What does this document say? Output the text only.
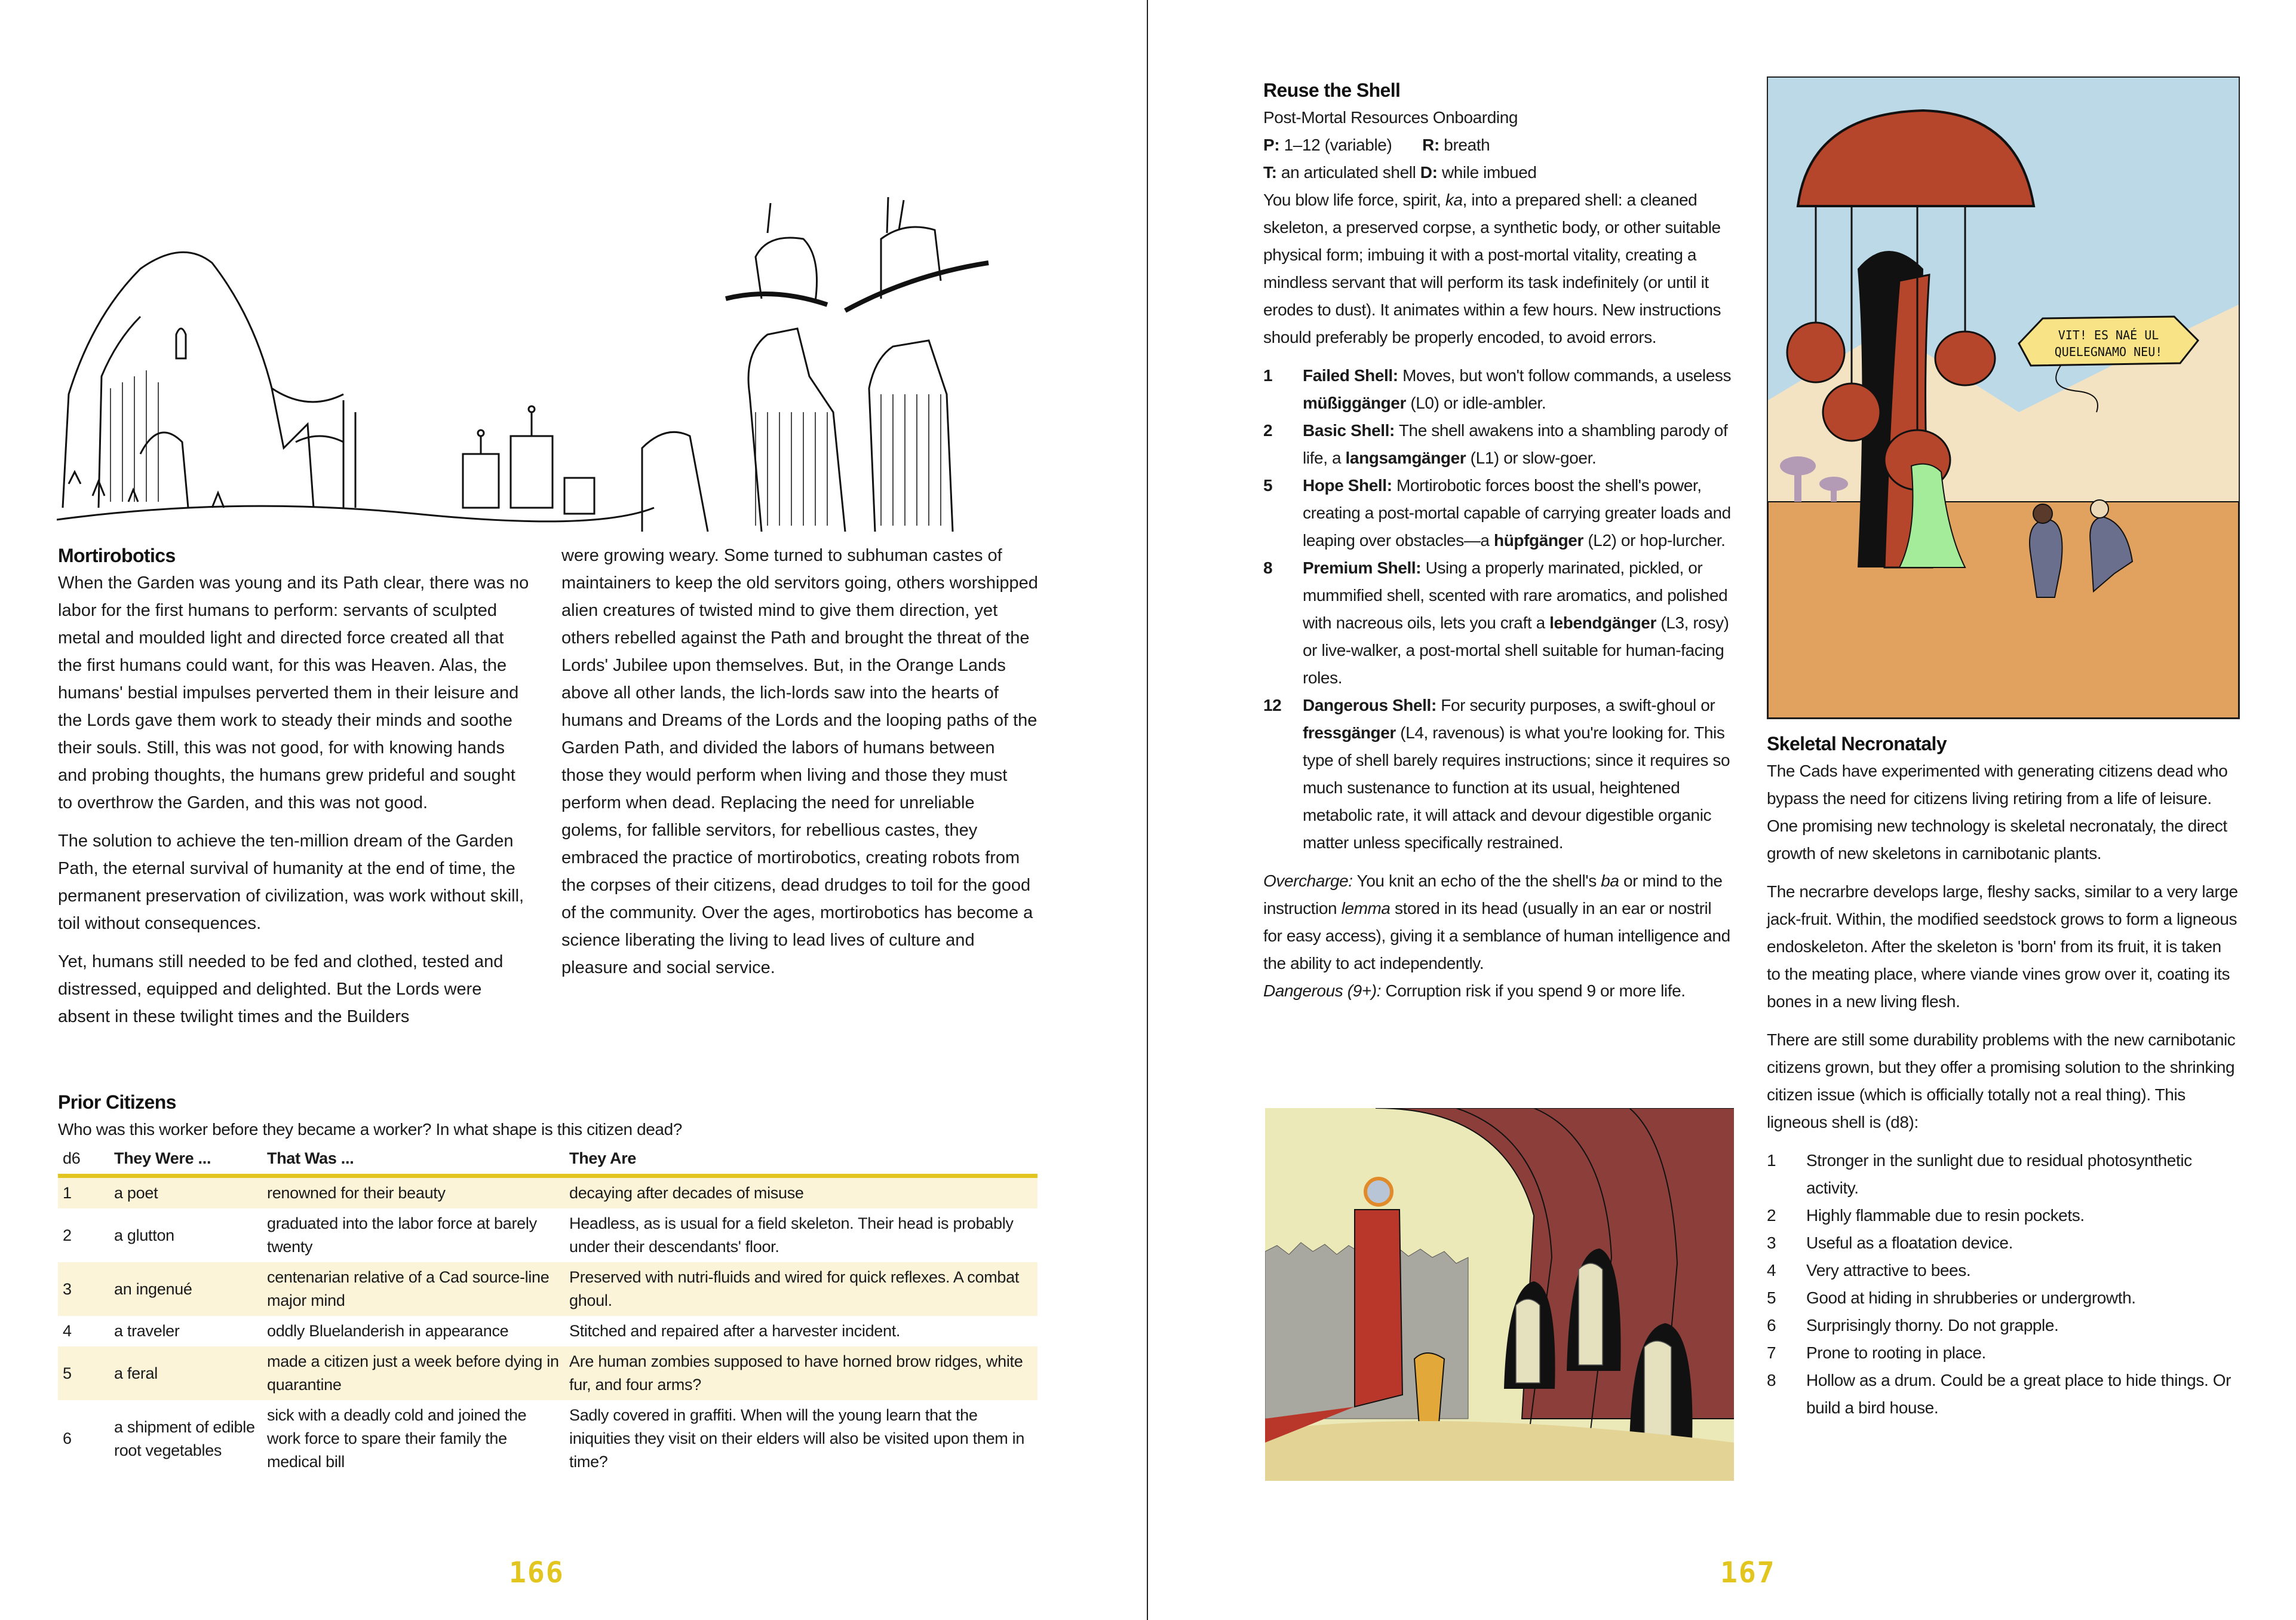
Mortirobotics

When the Garden was young and its Path clear, there was no labor for the first humans to perform: servants of sculpted metal and moulded light and directed force created all that the first humans could want, for this was Heaven. Alas, the humans' bestial impulses perverted them in their leisure and the Lords gave them work to steady their minds and soothe their souls. Still, this was not good, for with knowing hands and probing thoughts, the humans grew prideful and sought to overthrow the Garden, and this was not good.

The solution to achieve the ten-million dream of the Garden Path, the eternal survival of humanity at the end of time, the permanent preservation of civilization, was work without skill, toil without consequences.

Yet, humans still needed to be fed and clothed, tested and distressed, equipped and delighted. But the Lords were absent in these twilight times and the Builders

were growing weary. Some turned to subhuman castes of maintainers to keep the old servitors going, others worshipped alien creatures of twisted mind to give them direction, yet others rebelled against the Path and brought the threat of the Lords' Jubilee upon themselves. But, in the Orange Lands above all other lands, the lich-lords saw into the hearts of humans and Dreams of the Lords and the looping paths of the Garden Path, and divided the labors of humans between those they would perform when living and those they must perform when dead. Replacing the need for unreliable golems, for fallible servitors, for rebellious castes, they embraced the practice of mortirobotics, creating robots from the corpses of their citizens, dead drudges to toil for the good of the community. Over the ages, mortirobotics has become a science liberating the living to lead lives of culture and pleasure and social service.

Prior Citizens

Who was this worker before they became a worker? In what shape is this citizen dead?

d6	They Were ...	That Was ...	They Are
1	a poet	renowned for their beauty	decaying after decades of misuse
2	a glutton	graduated into the labor force at barely twenty	Headless, as is usual for a field skeleton. Their head is probably under their descendants' floor.
3	an ingenué	centenarian relative of a Cad source-line major mind	Preserved with nutri-fluids and wired for quick reflexes. A combat ghoul.
4	a traveler	oddly Bluelanderish in appearance	Stitched and repaired after a harvester incident.
5	a feral	made a citizen just a week before dying in quarantine	Are human zombies supposed to have horned brow ridges, white fur, and four arms?
6	a shipment of edible root vegetables	sick with a deadly cold and joined the work force to spare their family the medical bill	Sadly covered in graffiti. When will the young learn that the iniquities they visit on their elders will also be visited upon them in time?
166
Reuse the Shell

Post-Mortal Resources Onboarding

P: 1–12 (variable) R: breath

T: an articulated shell D: while imbued

You blow life force, spirit, ka, into a prepared shell: a cleaned skeleton, a preserved corpse, a synthetic body, or other suitable physical form; imbuing it with a post-mortal vitality, creating a mindless servant that will perform its task indefinitely (or until it erodes to dust). It animates within a few hours. New instructions should preferably be properly encoded, to avoid errors.

1	Failed Shell: Moves, but won't follow commands, a useless müßiggänger (L0) or idle-ambler.
2	Basic Shell: The shell awakens into a shambling parody of life, a langsamgänger (L1) or slow-goer.
5	Hope Shell: Mortirobotic forces boost the shell's power, creating a post-mortal capable of carrying greater loads and leaping over obstacles—a hüpfgänger (L2) or hop-lurcher.
8	Premium Shell: Using a properly marinated, pickled, or mummified shell, scented with rare aromatics, and polished with nacreous oils, lets you craft a lebendgänger (L3, rosy) or live-walker, a post-mortal shell suitable for human-facing roles.
12	Dangerous Shell: For security purposes, a swift-ghoul or fressgänger (L4, ravenous) is what you're looking for. This type of shell barely requires instructions; since it requires so much sustenance to function at its usual, heightened metabolic rate, it will attack and devour digestible organic matter unless specifically restrained.

Overcharge: You knit an echo of the the shell's ba or mind to the instruction lemma stored in its head (usually in an ear or nostril for easy access), giving it a semblance of human intelligence and the ability to act independently.
Dangerous (9+): Corruption risk if you spend 9 or more life.

VIT! ES NAÉ UL
QUELEGNAMO NEU!
Skeletal Necronataly

The Cads have experimented with generating citizens dead who bypass the need for citizens living retiring from a life of leisure. One promising new technology is skeletal necronataly, the direct growth of new skeletons in carnibotanic plants.

The necrarbre develops large, fleshy sacks, similar to a very large jack-fruit. Within, the modified seedstock grows to form a ligneous endoskeleton. After the skeleton is 'born' from its fruit, it is taken to the meating place, where viande vines grow over it, coating its bones in a new living flesh.

There are still some durability problems with the new carnibotanic citizens grown, but they offer a promising solution to the shrinking citizen issue (which is officially totally not a real thing). This ligneous shell is (d8):

1	Stronger in the sunlight due to residual photosynthetic activity.
2	Highly flammable due to resin pockets.
3	Useful as a floatation device.
4	Very attractive to bees.
5	Good at hiding in shrubberies or undergrowth.
6	Surprisingly thorny. Do not grapple.
7	Prone to rooting in place.
8	Hollow as a drum. Could be a great place to hide things. Or build a bird house.
167
